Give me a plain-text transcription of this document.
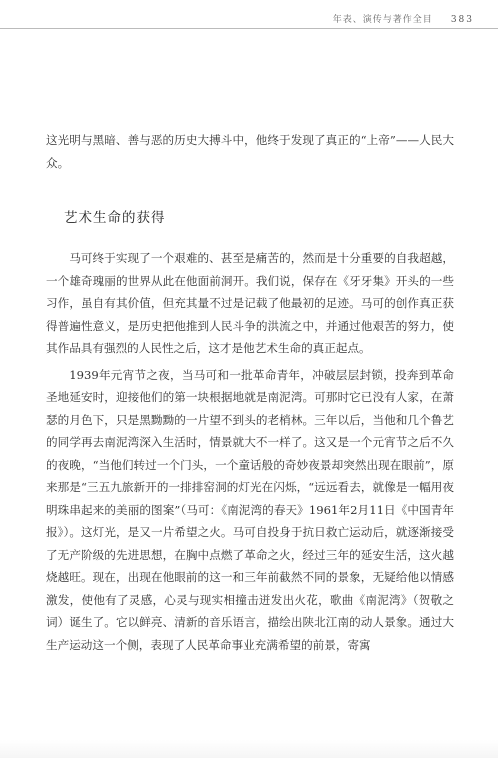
年表、演传与著作全目 383
这光明与黑暗、善与恶的历史大搏斗中，他终于发现了真正的“上帝”——人民大众。
艺术生命的获得

马可终于实现了一个艰难的、甚至是痛苦的，然而是十分重要的自我超越，一个雄奇瑰丽的世界从此在他面前洞开。我们说，保存在《牙牙集》开头的一些习作，虽自有其价值，但充其量不过是记载了他最初的足迹。马可的创作真正获得普遍性意义，是历史把他推到人民斗争的洪流之中，并通过他艰苦的努力，使其作品具有强烈的人民性之后，这才是他艺术生命的真正起点。

1939年元宵节之夜，当马可和一批革命青年，冲破层层封锁，投奔到革命圣地延安时，迎接他们的第一块根据地就是南泥湾。可那时它已没有人家，在萧瑟的月色下，只是黑黝黝的一片望不到头的老梢林。三年以后，当他和几个鲁艺的同学再去南泥湾深入生活时，情景就大不一样了。这又是一个元宵节之后不久的夜晚，“当他们转过一个门头，一个童话般的奇妙夜景却突然出现在眼前”，原来那是“三五九旅新开的一排排窑洞的灯光在闪烁，“远远看去，就像是一幅用夜明珠串起来的美丽的图案”（马可：《南泥湾的春天》1961年2月11日《中国青年报》）。这灯光，是又一片希望之火。马可自投身于抗日救亡运动后，就逐渐接受了无产阶级的先进思想，在胸中点燃了革命之火，经过三年的延安生活，这火越烧越旺。现在，出现在他眼前的这一和三年前截然不同的景象，无疑给他以情感激发，使他有了灵感，心灵与现实相撞击迸发出火花，歌曲《南泥湾》（贺敬之词）诞生了。它以鲜亮、清新的音乐语言，描绘出陕北江南的动人景象。通过大生产运动这一个侧，表现了人民革命事业充满希望的前景，寄寓
